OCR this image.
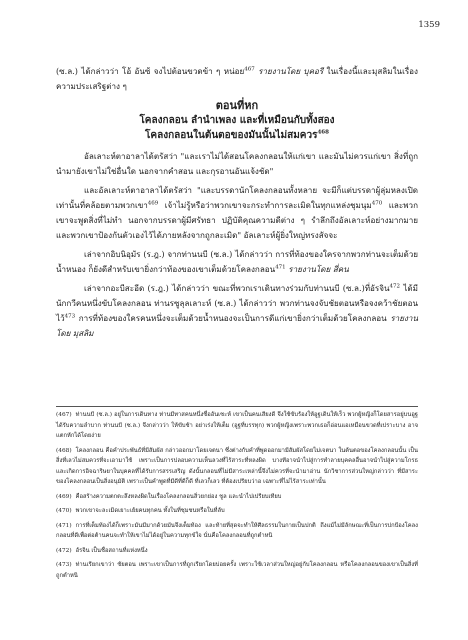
1359

(ซ.ล.) ได้กล่าวว่า โอ้ อันซ้ จงไปต้อนขวดข้า ๆ หน่อย$^{467}$ รายงานโดย บุคอรี ในเรื่องนี้และมุสลิมในเรื่องความประเสริฐต่าง ๆ

ตอนที่หก
โคลงกลอน ลำนำเพลง และที่เหมือนกับทั้งสอง
โคลงกลอนในต้นตอของมันนั้นไม่สมควร$^{468}$

อัลเลาะห์ตาอาลาได้ตรัสว่า "และเราไม่ได้สอนโคลงกลอนให้แก่เขา และมันไม่ควรแก่เขา สิ่งที่ถูกนำมายังเขาไม่ใช่อื่นใด นอกจากคำสอน และกุรอานอันแจ้งชัด"

และอัลเลาะห์ตาอาลาได้ตรัสว่า "และบรรดานักโคลงกลอนทั้งหลาย จะมีก็แต่บรรดาผู้ลุ่มหลงเปิดเท่านั้นที่คล้อยตามพวกเขา$^{469}$ เจ้าไม่รู้หรือว่าพวกเขาจะกระทำการละเมิดในทุกแหล่งชุมนุม$^{470}$ และพวกเขาจะพูดสิ่งที่ไม่ทำ นอกจากบรรดาผู้มีศรัทธา ปฏิบัติคุณความดีต่าง ๆ รำลึกถึงอัลเลาะห์อย่างมากมาย และพวกเขาป้องกันตัวเองไว้ได้ภายหลังจากถูกละเมิด" อัลเลาะห์ผู้ยิ่งใหญ่ทรงสัจจะ

เล่าจากอิบนิอุมัร (ร.ฎ.) จากท่านนบี (ซ.ล.) ได้กล่าวว่า การที่ท้องของใครจากพวกท่านจะเต็มด้วยน้ำหนอง ก็ยังดีสำหรับเขายิ่งกว่าท้องของเขาเต็มด้วยโคลงกลอน$^{471}$ รายงานโดย สี่คน

เล่าจากอะบีสะอีด (ร.ฎ.) ได้กล่าวว่า ขณะที่พวกเราเดินทางร่วมกับท่านนบี (ซ.ล.)ที่อัรจิน$^{472}$ ได้มีนักกวีคนหนึ่งขับโคลงกลอน ท่านรซูลุลเลาะห์ (ซ.ล.) ได้กล่าวว่า พวกท่านจงจับชัยตอนหรือจงคว้าชัยตอนไว้$^{473}$ การที่ท้องของใครคนหนึ่งจะเต็มด้วยน้ำหนองจะเป็นการดีแก่เขายิ่งกว่าเต็มด้วยโคลงกลอน รายงานโดย มุสลิม

(467) ท่านนบี (ซ.ล.) อยู่ในการเดินทาง ท่านมีทาสคนหนึ่งชื่ออันเซะห์ เขาเป็นคนเสียงดี จึงใช้ขับร้องให้อูฐเดินให้เร็ว พวกผู้หญิงก็โดยสารอยู่บนอูฐ ได้รับความลำบาก ท่านนบี (ซ.ล.) จึงกล่าวว่า ให้ขับช้า อย่าเร่งให้เต็ม (อูฐที่บรรทุก) พวกผู้หญิงเพราะพวกเธอก็อ่อนแอเหมือนขวดที่เปราะบาง อาจแตกหักได้โดยง่าย

(468) โคลงกลอน คือคำประพันธ์ที่มีสัมผัส กล่าวออกมาโดยเจตนา ซึ่งต่างกับคำที่พูดออกมามีสัมผัสโดยไม่เจตนา ในต้นตอของโคลงกลอนนั้น เป็นสิ่งที่เลวไม่สมควรที่จะเอามาใช้ เพราะเป็นการปลอบความเห็นลวงที่ไร้สาระที่หลงผิด บางทีอาจนำไปสู่การทำลายบุคคลอื่นอาจนำไปสู่ความโกรธ และเกิดการอิจฉาริษยาในบุคคลที่ได้รับการสรรเสริญ ดังนั้นกลอนที่ไม่มีสาระเหล่านี้จึงไม่ควรที่จะนำมาอ่าน นักวิชาการส่วนใหญ่กล่าวว่า ที่มีสาระของโคลงกลอนเป็นสิ่งอนุมัติ เพราะเป็นคำพูดที่มีดีที่ดีก็ดี ที่เลวก็เลว ที่ต้องเปรียบว่าอ เฉพาะที่ไม่ไร้สาระเท่านั้น

(469) คือสร้างความตกตะลึงหลงผิดในเรื่องโคลงกลอนสิ่วยกย่อง ชูล และนำไปเปรียบเทียบ

(470) พวกเขาจะละเมิดเยาะเย้ยคนทุกคน ทั้งในที่ชุมชนหรือในที่ลับ

(471) การที่เต็มท้องได้ก็เพราะมันมีมากด้วยมันจึงเต็มท้อง และท้ายที่สุดจะทำให้ศีลธรรมในกายเป็นปกติ ถึงแม้ไม่มีลักษณะที่เป็นการปกป้องโคลงกลอนที่ดีเพื่อต่อต้านคนจะทำให้เขาไม่ได้อยู่ในความทุกข์ใจ นั่นคือโคลงกลอนที่ถูกตำหนิ

(472) อัรจิน เป็นชื่อสถานที่แห่งหนึ่ง

(473) ท่านเรียกเขาว่า ชัยตอน เพราะเขาเป็นการที่ถูกเรียกโดยบ่อยครั้ง เพราะใช้เวลาส่วนใหญ่อยู่กับโคลงกลอน หรือโคลงกลอนของเขาเป็นสิ่งที่ถูกตำหนิ
